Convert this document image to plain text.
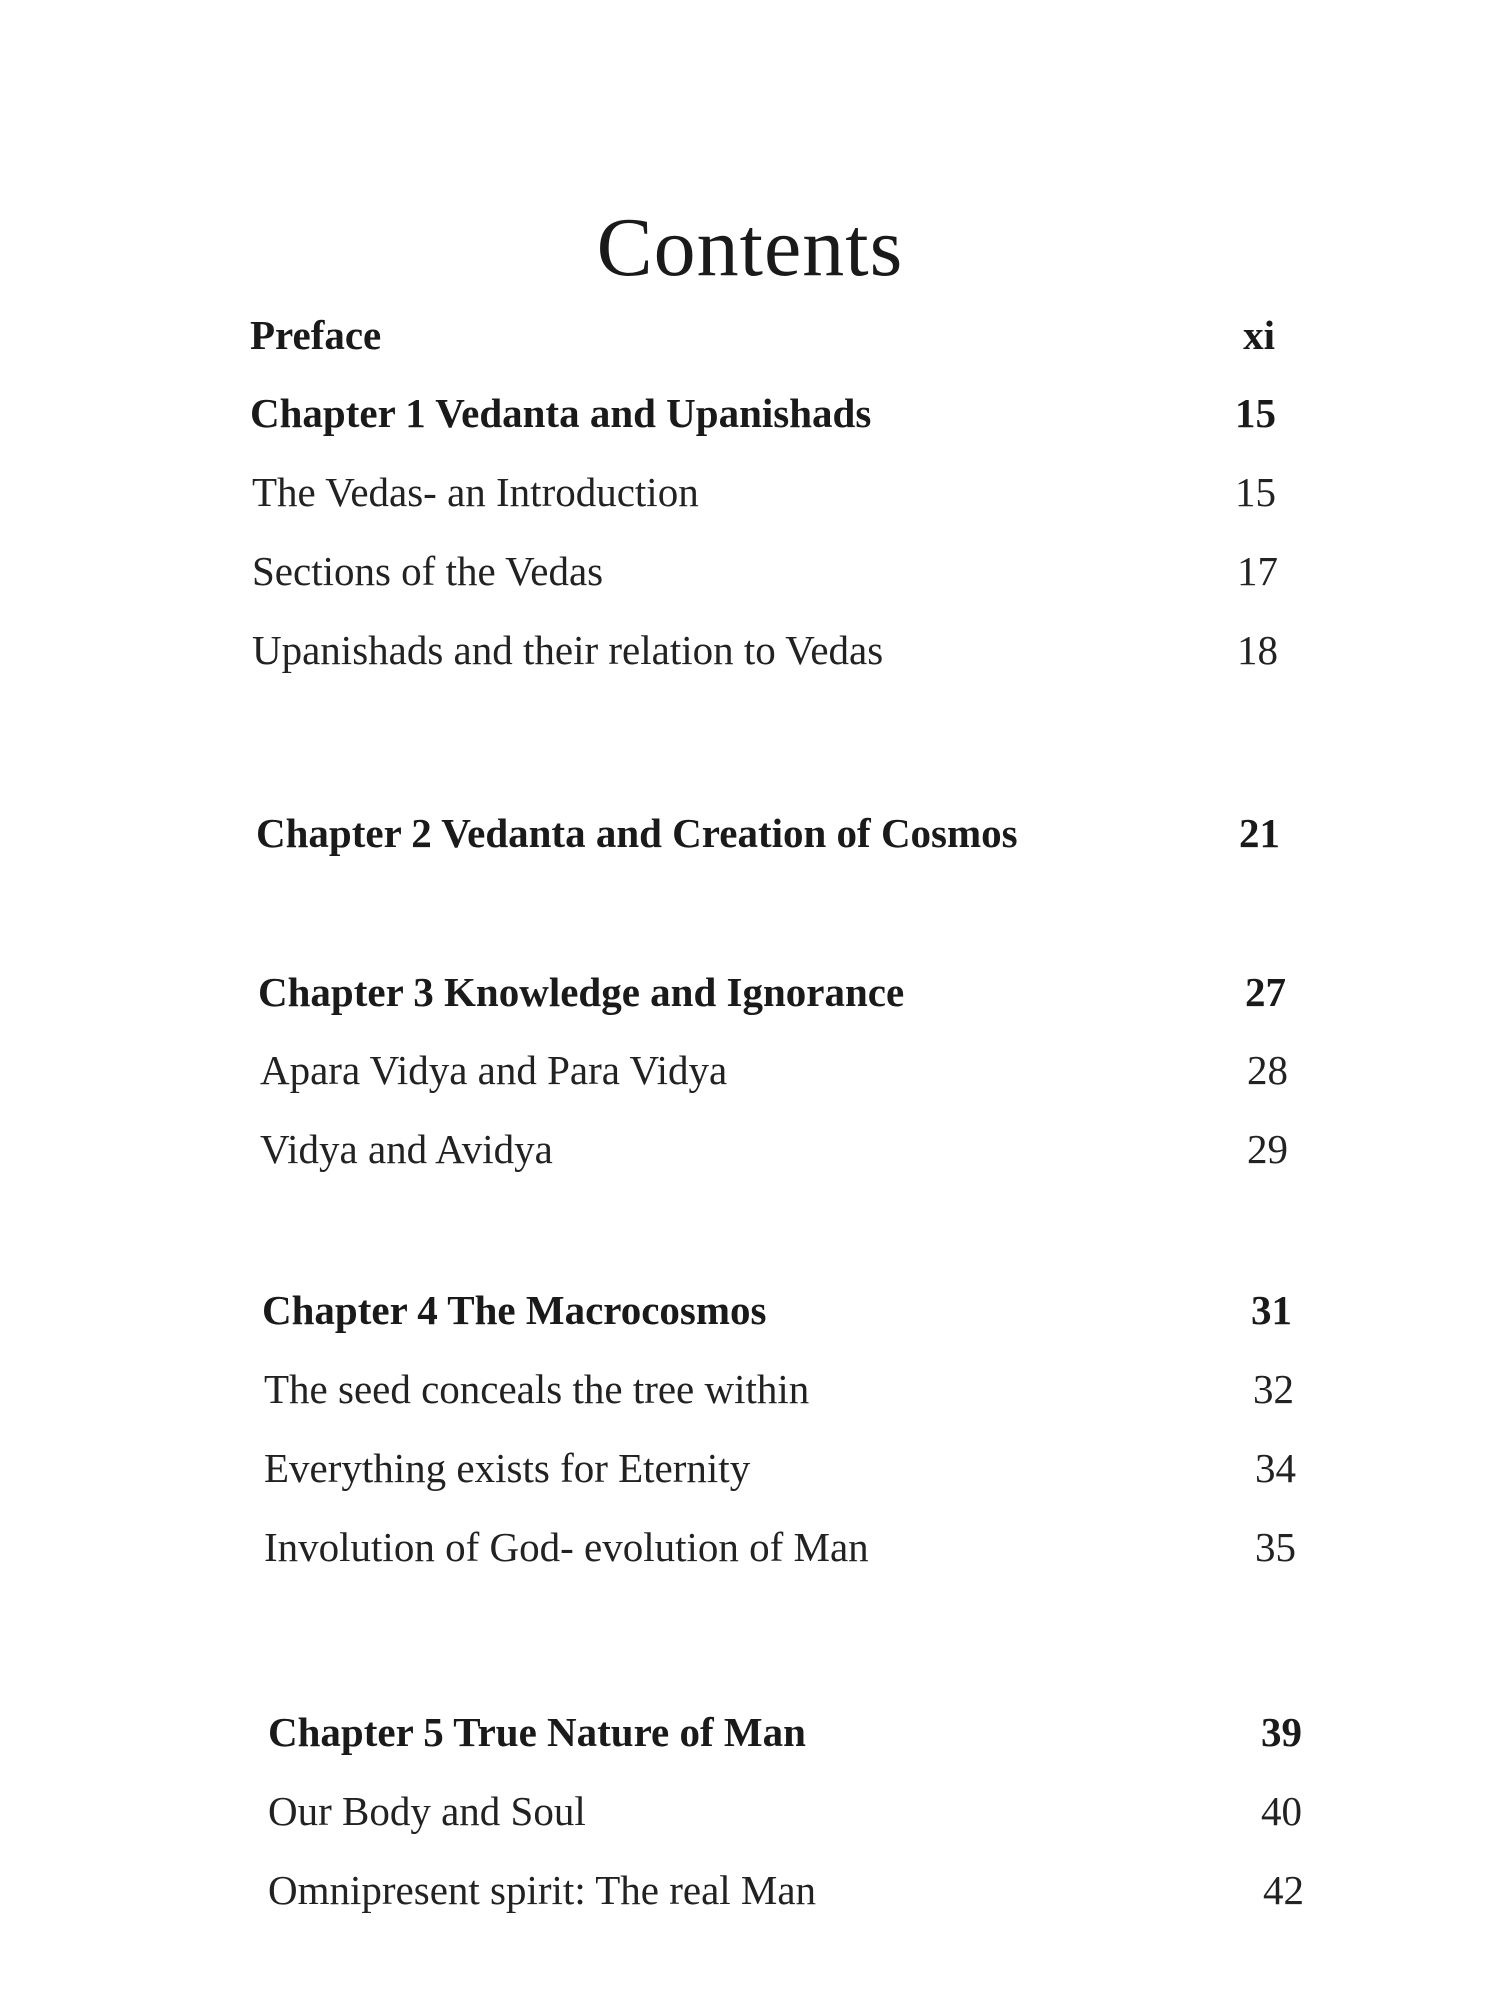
Contents
Preface	xi
Chapter 1 Vedanta and Upanishads	15
The Vedas- an Introduction	15
Sections of the Vedas	17
Upanishads and their relation to Vedas	18
Chapter 2 Vedanta and Creation of Cosmos	21
Chapter 3 Knowledge and Ignorance	27
Apara Vidya and Para Vidya	28
Vidya and Avidya	29
Chapter 4 The Macrocosmos	31
The seed conceals the tree within	32
Everything exists for Eternity	34
Involution of God- evolution of Man	35
Chapter 5 True Nature of Man	39
Our Body and Soul	40
Omnipresent spirit: The real Man	42
